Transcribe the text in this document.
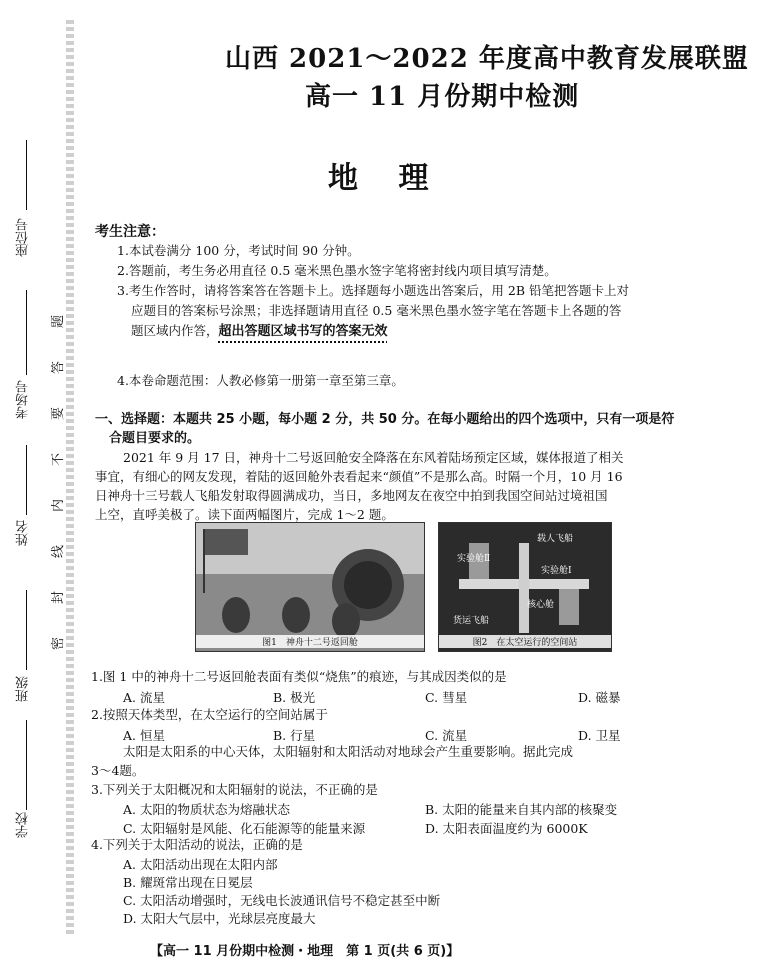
座位号
考场号
姓名
班级
学校
题
答
要
不
内
线
封
密
山西 2021～2022 年度高中教育发展联盟
高一 11 月份期中检测
地 理
考生注意：
1.本试卷满分 100 分，考试时间 90 分钟。
2.答题前，考生务必用直径 0.5 毫米黑色墨水签字笔将密封线内项目填写清楚。
3.考生作答时，请将答案答在答题卡上。选择题每小题选出答案后，用 2B 铅笔把答题卡上对
应题目的答案标号涂黑；非选择题请用直径 0.5 毫米黑色墨水签字笔在答题卡上各题的答
题区域内作答，超出答题区域书写的答案无效
4.本卷命题范围：人教必修第一册第一章至第三章。
一、选择题：本题共 25 小题，每小题 2 分，共 50 分。在每小题给出的四个选项中，只有一项是符
合题目要求的。
2021 年 9 月 17 日，神舟十二号返回舱安全降落在东风着陆场预定区域，媒体报道了相关
事宜，有细心的网友发现，着陆的返回舱外表看起来“颜值”不是那么高。时隔一个月，10 月 16
日神舟十三号载人飞船发射取得圆满成功，当日，多地网友在夜空中拍到我国空间站过境祖国
上空，直呼美极了。读下面两幅图片，完成 1～2 题。
图1　神舟十二号返回舱
实验舱Ⅱ
载人飞船
实验舱Ⅰ
核心舱
货运飞船
图2　在太空运行的空间站
1.图 1 中的神舟十二号返回舱表面有类似“烧焦”的痕迹，与其成因类似的是
A. 流星	B. 极光	C. 彗星	D. 磁暴
2.按照天体类型，在太空运行的空间站属于
A. 恒星	B. 行星	C. 流星	D. 卫星
太阳是太阳系的中心天体，太阳辐射和太阳活动对地球会产生重要影响。据此完成
3～4题。
3.下列关于太阳概况和太阳辐射的说法，不正确的是
A. 太阳的物质状态为熔融状态	B. 太阳的能量来自其内部的核聚变
C. 太阳辐射是风能、化石能源等的能量来源	D. 太阳表面温度约为 6000K
4.下列关于太阳活动的说法，正确的是
A. 太阳活动出现在太阳内部
B. 耀斑常出现在日冕层
C. 太阳活动增强时，无线电长波通讯信号不稳定甚至中断
D. 太阳大气层中，光球层亮度最大
【高一 11 月份期中检测・地理　第 1 页(共 6 页)】
